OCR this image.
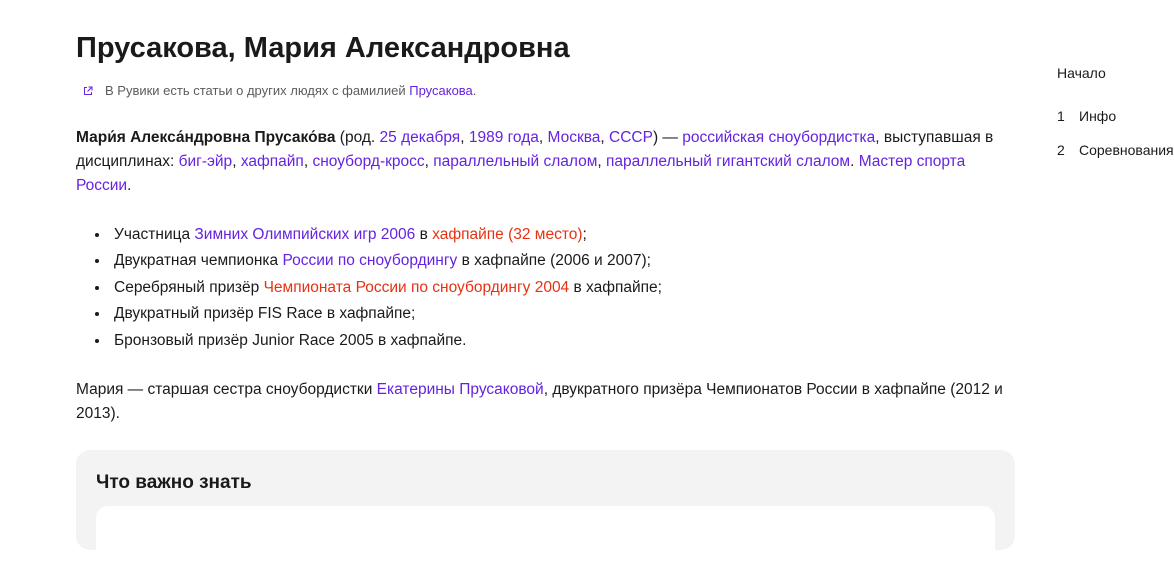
Прусакова, Мария Александровна
В Рувики есть статьи о других людях с фамилией Прусакова.

Мари́я Алекса́ндровна Прусако́ва (род. 25 декабря, 1989 года, Москва, СССР) — российская сноубордистка, выступавшая в дисциплинах: биг-эйр, хафпайп, сноуборд-кросс, параллельный слалом, параллельный гигантский слалом. Мастер спорта России.

Участница Зимних Олимпийских игр 2006 в хафпайпе (32 место);
Двукратная чемпионка России по сноубордингу в хафпайпе (2006 и 2007);
Серебряный призёр Чемпионата России по сноубордингу 2004 в хафпайпе;
Двукратный призёр FIS Race в хафпайпе;
Бронзовый призёр Junior Race 2005 в хафпайпе.

Мария — старшая сестра сноубордистки Екатерины Прусаковой, двукратного призёра Чемпионатов России в хафпайпе (2012 и 2013).

Что важно знать
Начало
1 Инфо
2 Соревнования
